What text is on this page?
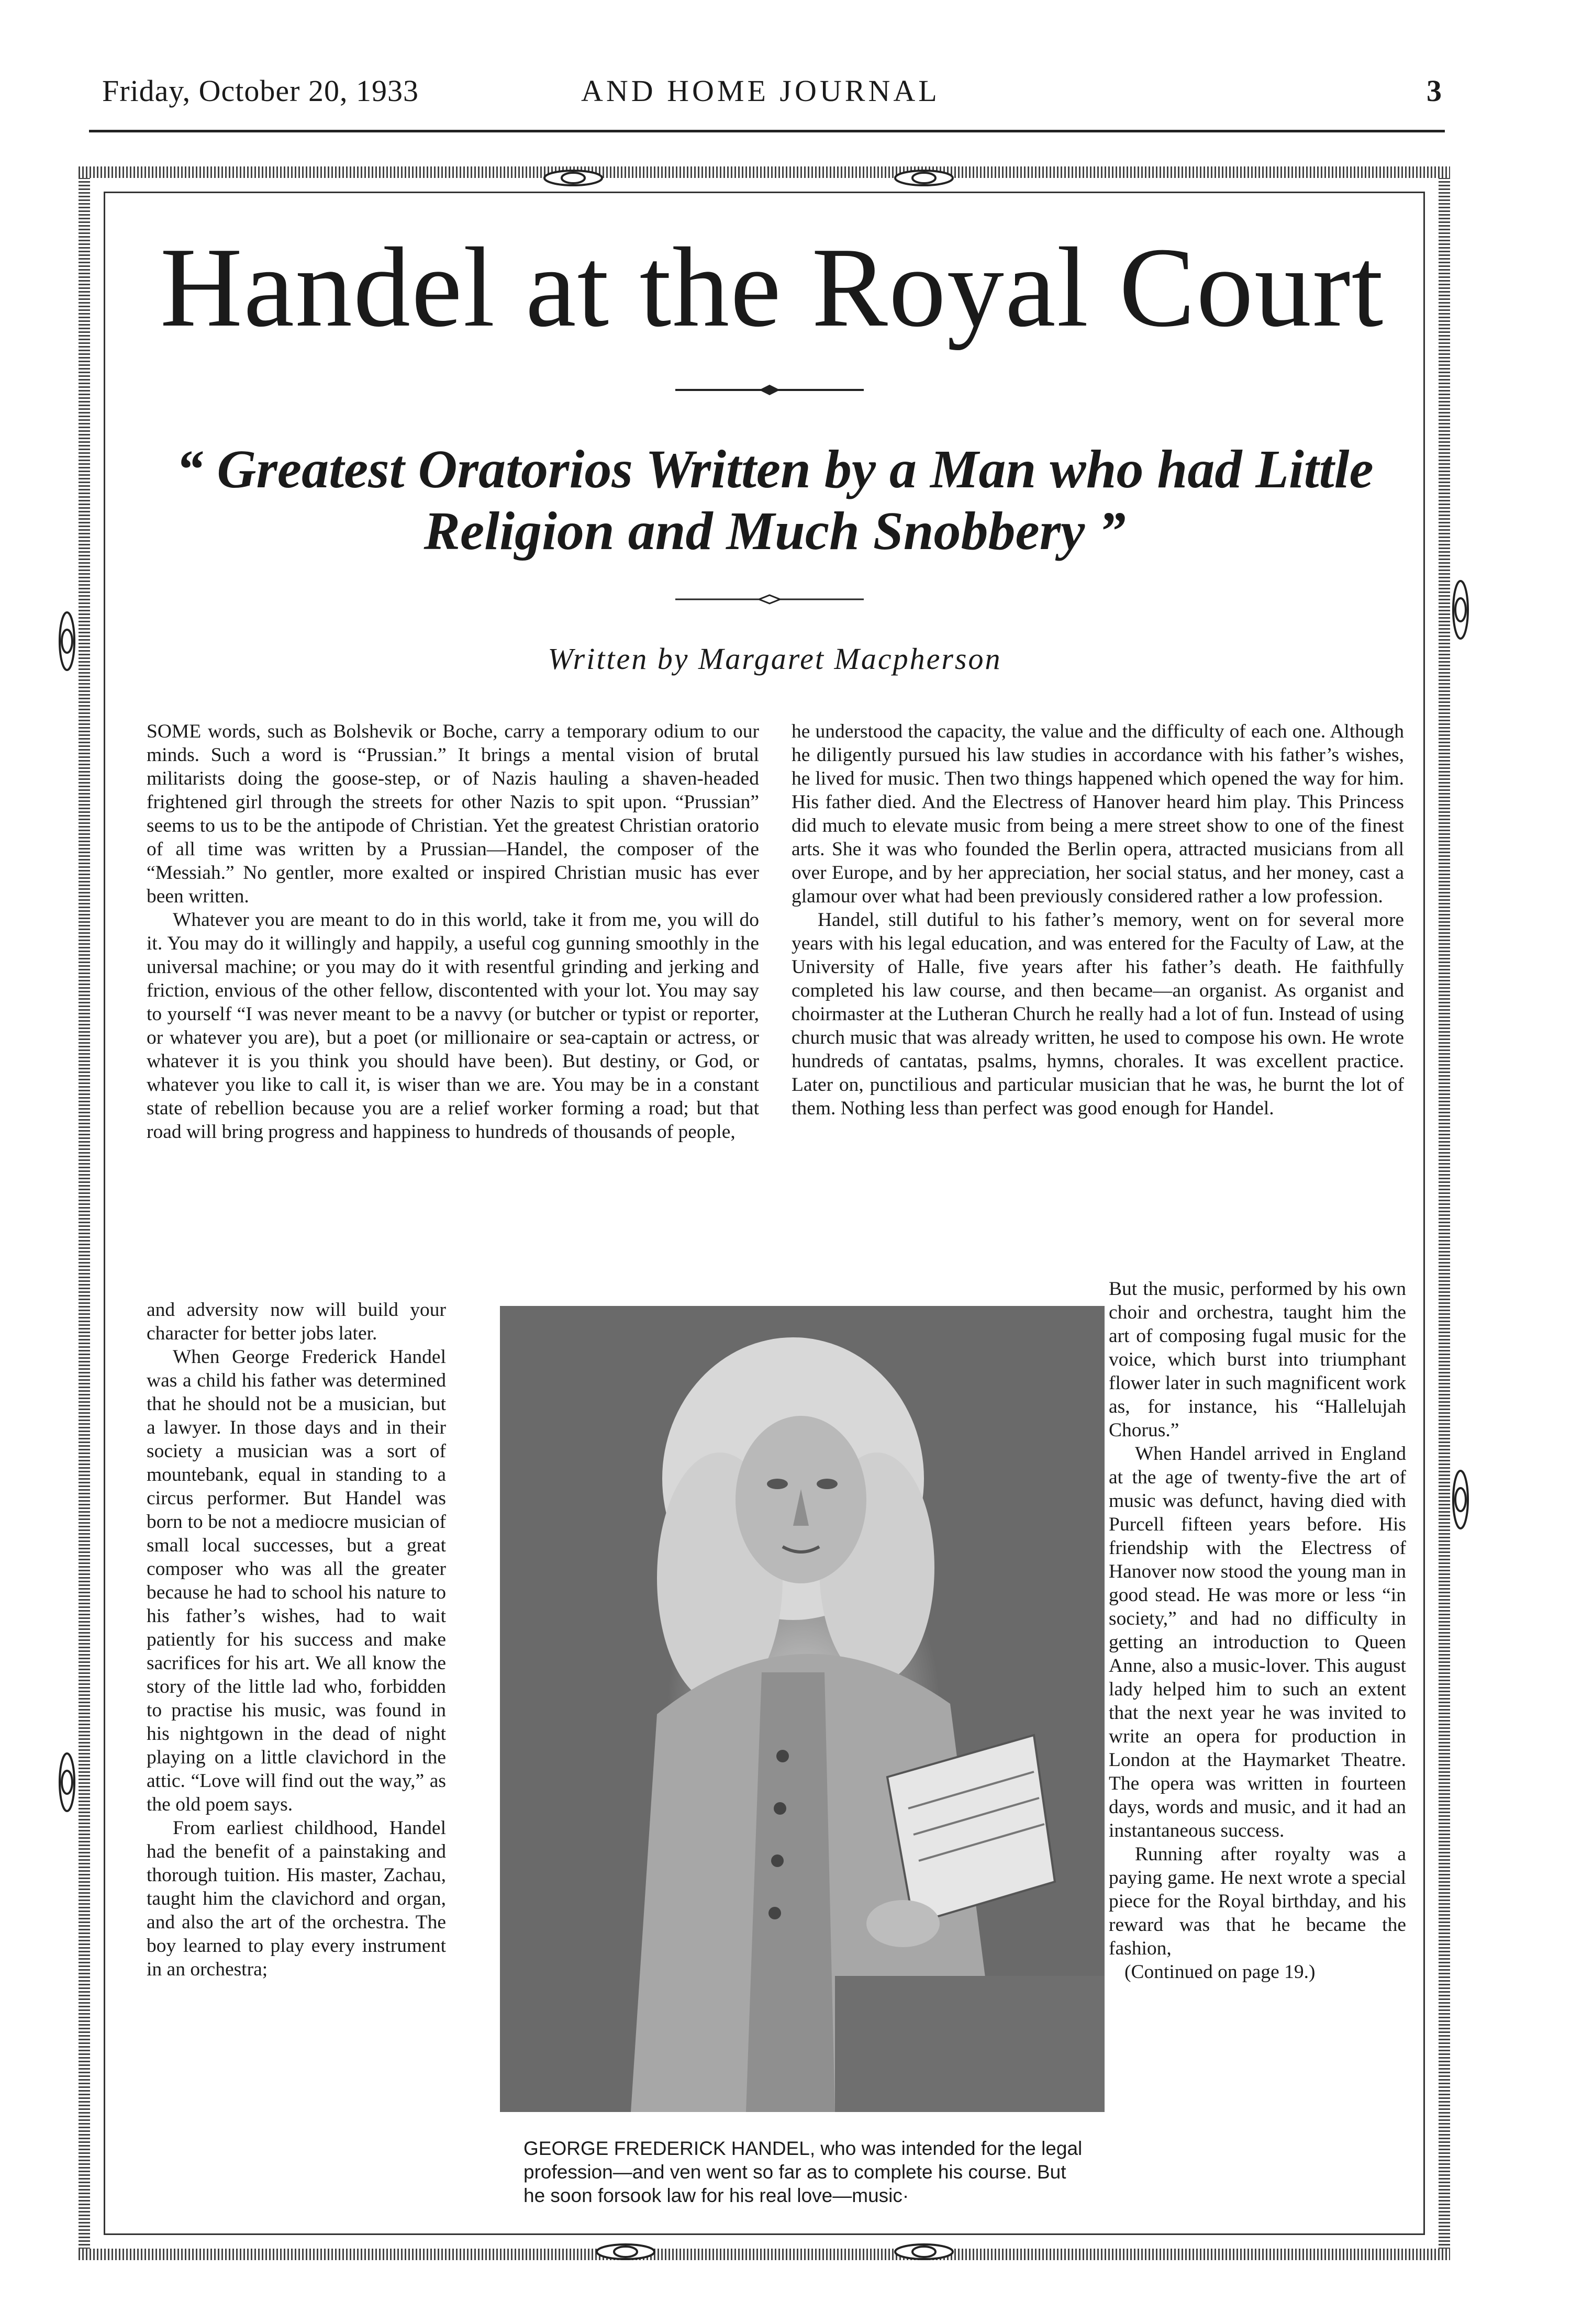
Friday, October 20, 1933	AND HOME JOURNAL	3
Handel at the Royal Court
“ Greatest Oratorios Written by a Man who had Little Religion and Much Snobbery ”
Written by Margaret Macpherson

SOME words, such as Bolshevik or Boche, carry a temporary odium to our minds. Such a word is “Prussian.” It brings a mental vision of brutal militarists doing the goose-step, or of Nazis hauling a shaven-headed frightened girl through the streets for other Nazis to spit upon. “Prussian” seems to us to be the antipode of Christian. Yet the greatest Christian oratorio of all time was written by a Prussian—Handel, the composer of the “Messiah.” No gentler, more exalted or inspired Christian music has ever been written.

Whatever you are meant to do in this world, take it from me, you will do it. You may do it willingly and happily, a useful cog gunning smoothly in the universal machine; or you may do it with resentful grinding and jerking and friction, envious of the other fellow, discontented with your lot. You may say to yourself “I was never meant to be a navvy (or butcher or typist or reporter, or whatever you are), but a poet (or millionaire or sea-captain or actress, or whatever it is you think you should have been). But destiny, or God, or whatever you like to call it, is wiser than we are. You may be in a constant state of rebellion because you are a relief worker forming a road; but that road will bring progress and happiness to hundreds of thousands of people,

he understood the capacity, the value and the difficulty of each one. Although he diligently pursued his law studies in accordance with his father’s wishes, he lived for music. Then two things happened which opened the way for him. His father died. And the Electress of Hanover heard him play. This Princess did much to elevate music from being a mere street show to one of the finest arts. She it was who founded the Berlin opera, attracted musicians from all over Europe, and by her appreciation, her social status, and her money, cast a glamour over what had been previously considered rather a low profession.

Handel, still dutiful to his father’s memory, went on for several more years with his legal education, and was entered for the Faculty of Law, at the University of Halle, five years after his father’s death. He faithfully completed his law course, and then became—an organist. As organist and choirmaster at the Lutheran Church he really had a lot of fun. Instead of using church music that was already written, he used to compose his own. He wrote hundreds of cantatas, psalms, hymns, chorales. It was excellent practice. Later on, punctilious and particular musician that he was, he burnt the lot of them. Nothing less than perfect was good enough for Handel.

and adversity now will build your character for better jobs later.

When George Frederick Handel was a child his father was determined that he should not be a musician, but a lawyer. In those days and in their society a musician was a sort of mountebank, equal in standing to a circus performer. But Handel was born to be not a mediocre musician of small local successes, but a great composer who was all the greater because he had to school his nature to his father’s wishes, had to wait patiently for his success and make sacrifices for his art. We all know the story of the little lad who, forbidden to practise his music, was found in his nightgown in the dead of night playing on a little clavichord in the attic. “Love will find out the way,” as the old poem says.

From earliest childhood, Handel had the benefit of a painstaking and thorough tuition. His master, Zachau, taught him the clavichord and organ, and also the art of the orchestra. The boy learned to play every instrument in an orchestra;

But the music, performed by his own choir and orchestra, taught him the art of composing fugal music for the voice, which burst into triumphant flower later in such magnificent work as, for instance, his “Hallelujah Chorus.”

When Handel arrived in England at the age of twenty-five the art of music was defunct, having died with Purcell fifteen years before. His friendship with the Electress of Hanover now stood the young man in good stead. He was more or less “in society,” and had no difficulty in getting an introduction to Queen Anne, also a music-lover. This august lady helped him to such an extent that the next year he was invited to write an opera for production in London at the Haymarket Theatre. The opera was written in fourteen days, words and music, and it had an instantaneous success.

Running after royalty was a paying game. He next wrote a special piece for the Royal birthday, and his reward was that he became the fashion,

(Continued on page 19.)

GEORGE FREDERICK HANDEL, who was intended for the legal profession—and ven went so far as to complete his course. But he soon forsook law for his real love—music·
